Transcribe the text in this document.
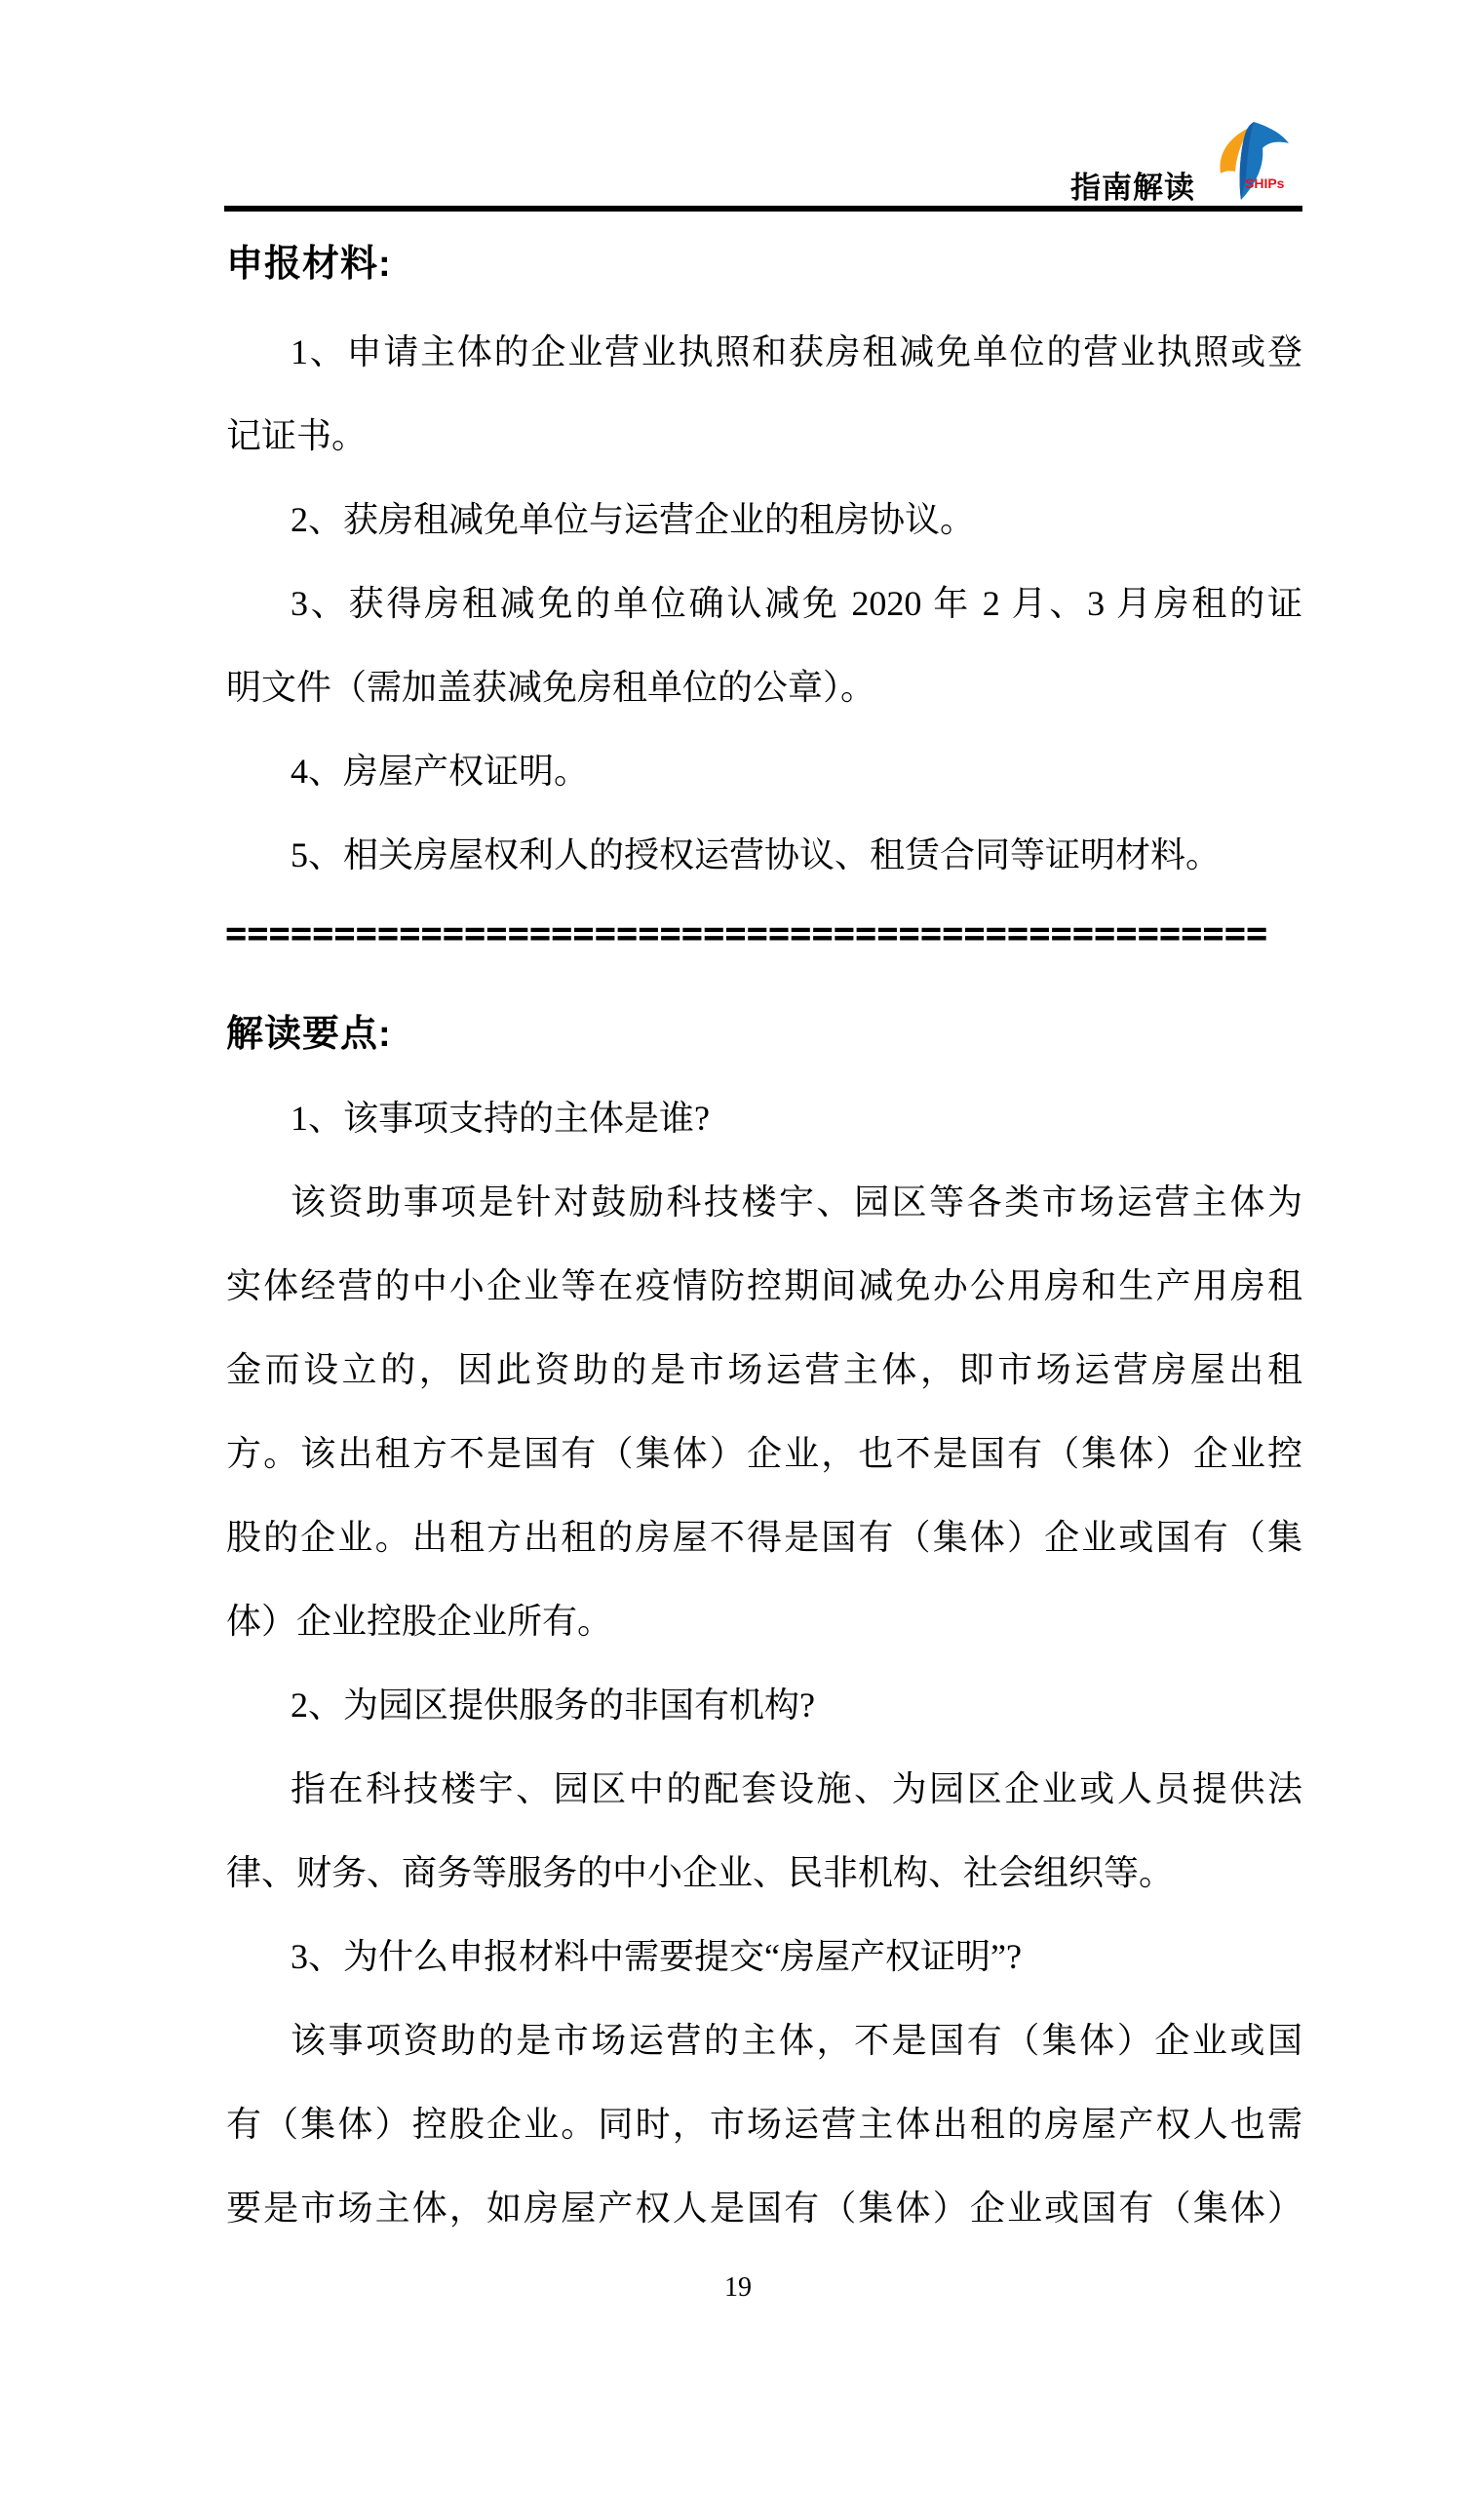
指南解读	SHIPs
申报材料:
1、申请主体的企业营业执照和获房租减免单位的营业执照或登
记证书。
2、获房租减免单位与运营企业的租房协议。
3、获得房租减免的单位确认减免 2020 年 2 月、3 月房租的证
明文件（需加盖获减免房租单位的公章）。
4、房屋产权证明。
5、相关房屋权利人的授权运营协议、租赁合同等证明材料。
================================================
解读要点:
1、该事项支持的主体是谁?
该资助事项是针对鼓励科技楼宇、园区等各类市场运营主体为
实体经营的中小企业等在疫情防控期间减免办公用房和生产用房租
金而设立的，因此资助的是市场运营主体，即市场运营房屋出租
方。该出租方不是国有（集体）企业，也不是国有（集体）企业控
股的企业。出租方出租的房屋不得是国有（集体）企业或国有（集
体）企业控股企业所有。
2、为园区提供服务的非国有机构?
指在科技楼宇、园区中的配套设施、为园区企业或人员提供法
律、财务、商务等服务的中小企业、民非机构、社会组织等。
3、为什么申报材料中需要提交“房屋产权证明”?
该事项资助的是市场运营的主体，不是国有（集体）企业或国
有（集体）控股企业。同时，市场运营主体出租的房屋产权人也需
要是市场主体，如房屋产权人是国有（集体）企业或国有（集体）
19
